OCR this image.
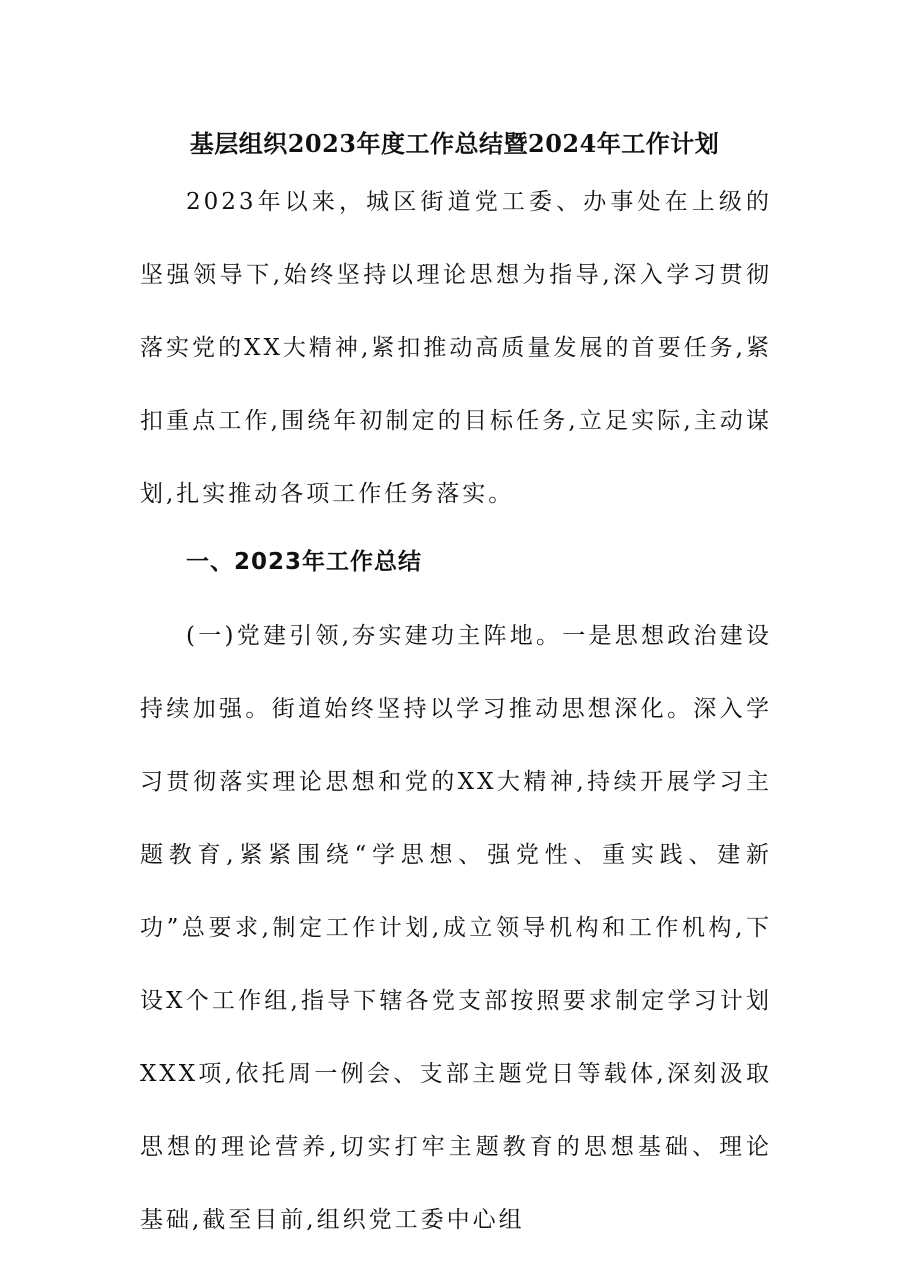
基层组织2023年度工作总结暨2024年工作计划

2023年以来，城区街道党工委、办事处在上级的坚强领导下,始终坚持以理论思想为指导,深入学习贯彻落实党的XX大精神,紧扣推动高质量发展的首要任务,紧扣重点工作,围绕年初制定的目标任务,立足实际,主动谋划,扎实推动各项工作任务落实。

一、2023年工作总结

(一)党建引领,夯实建功主阵地。一是思想政治建设持续加强。街道始终坚持以学习推动思想深化。深入学习贯彻落实理论思想和党的XX大精神,持续开展学习主题教育,紧紧围绕“学思想、强党性、重实践、建新功”总要求,制定工作计划,成立领导机构和工作机构,下设X个工作组,指导下辖各党支部按照要求制定学习计划XXX项,依托周一例会、支部主题党日等载体,深刻汲取思想的理论营养,切实打牢主题教育的思想基础、理论基础,截至目前,组织党工委中心组
